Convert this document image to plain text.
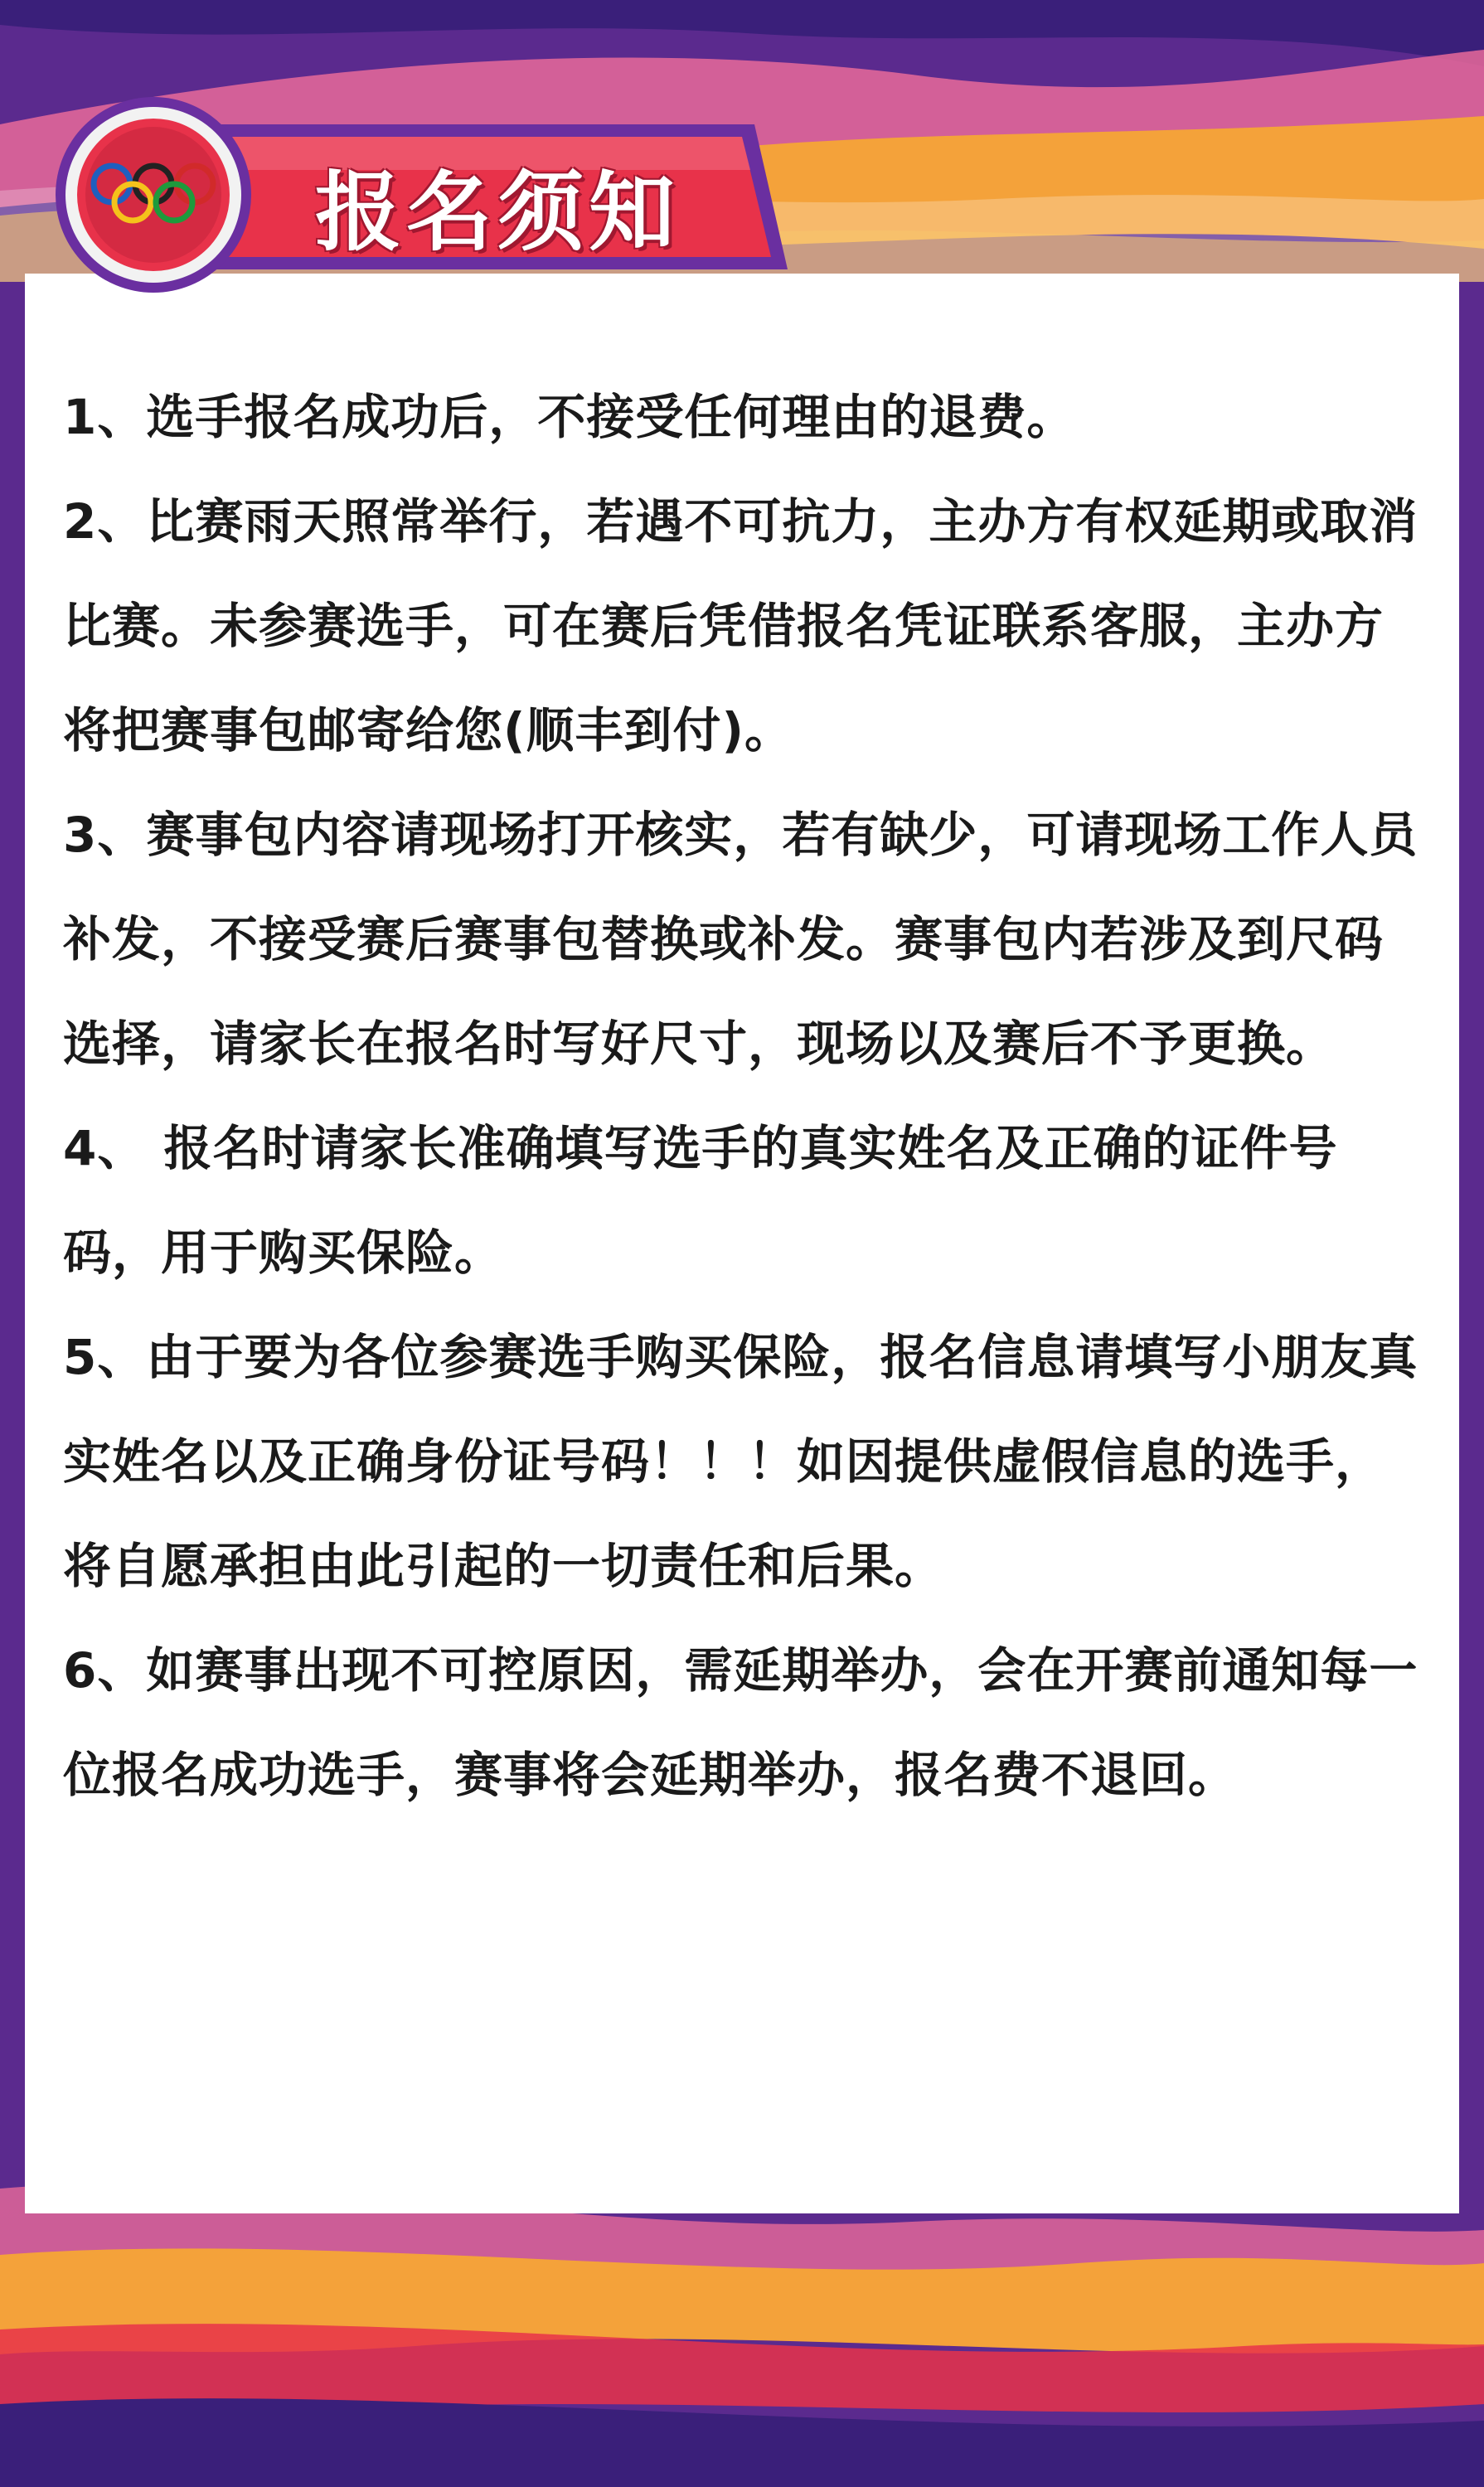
报名须知

1、选手报名成功后，不接受任何理由的退费。

2、比赛雨天照常举行，若遇不可抗力，主办方有权延期或取消比赛。未参赛选手，可在赛后凭借报名凭证联系客服，主办方将把赛事包邮寄给您(顺丰到付)。

3、赛事包内容请现场打开核实，若有缺少，可请现场工作人员补发，不接受赛后赛事包替换或补发。赛事包内若涉及到尺码选择，请家长在报名时写好尺寸，现场以及赛后不予更换。

4、 报名时请家长准确填写选手的真实姓名及正确的证件号码，用于购买保险。

5、由于要为各位参赛选手购买保险，报名信息请填写小朋友真实姓名以及正确身份证号码！！！如因提供虚假信息的选手，将自愿承担由此引起的一切责任和后果。

6、如赛事出现不可控原因，需延期举办，会在开赛前通知每一位报名成功选手，赛事将会延期举办，报名费不退回。
